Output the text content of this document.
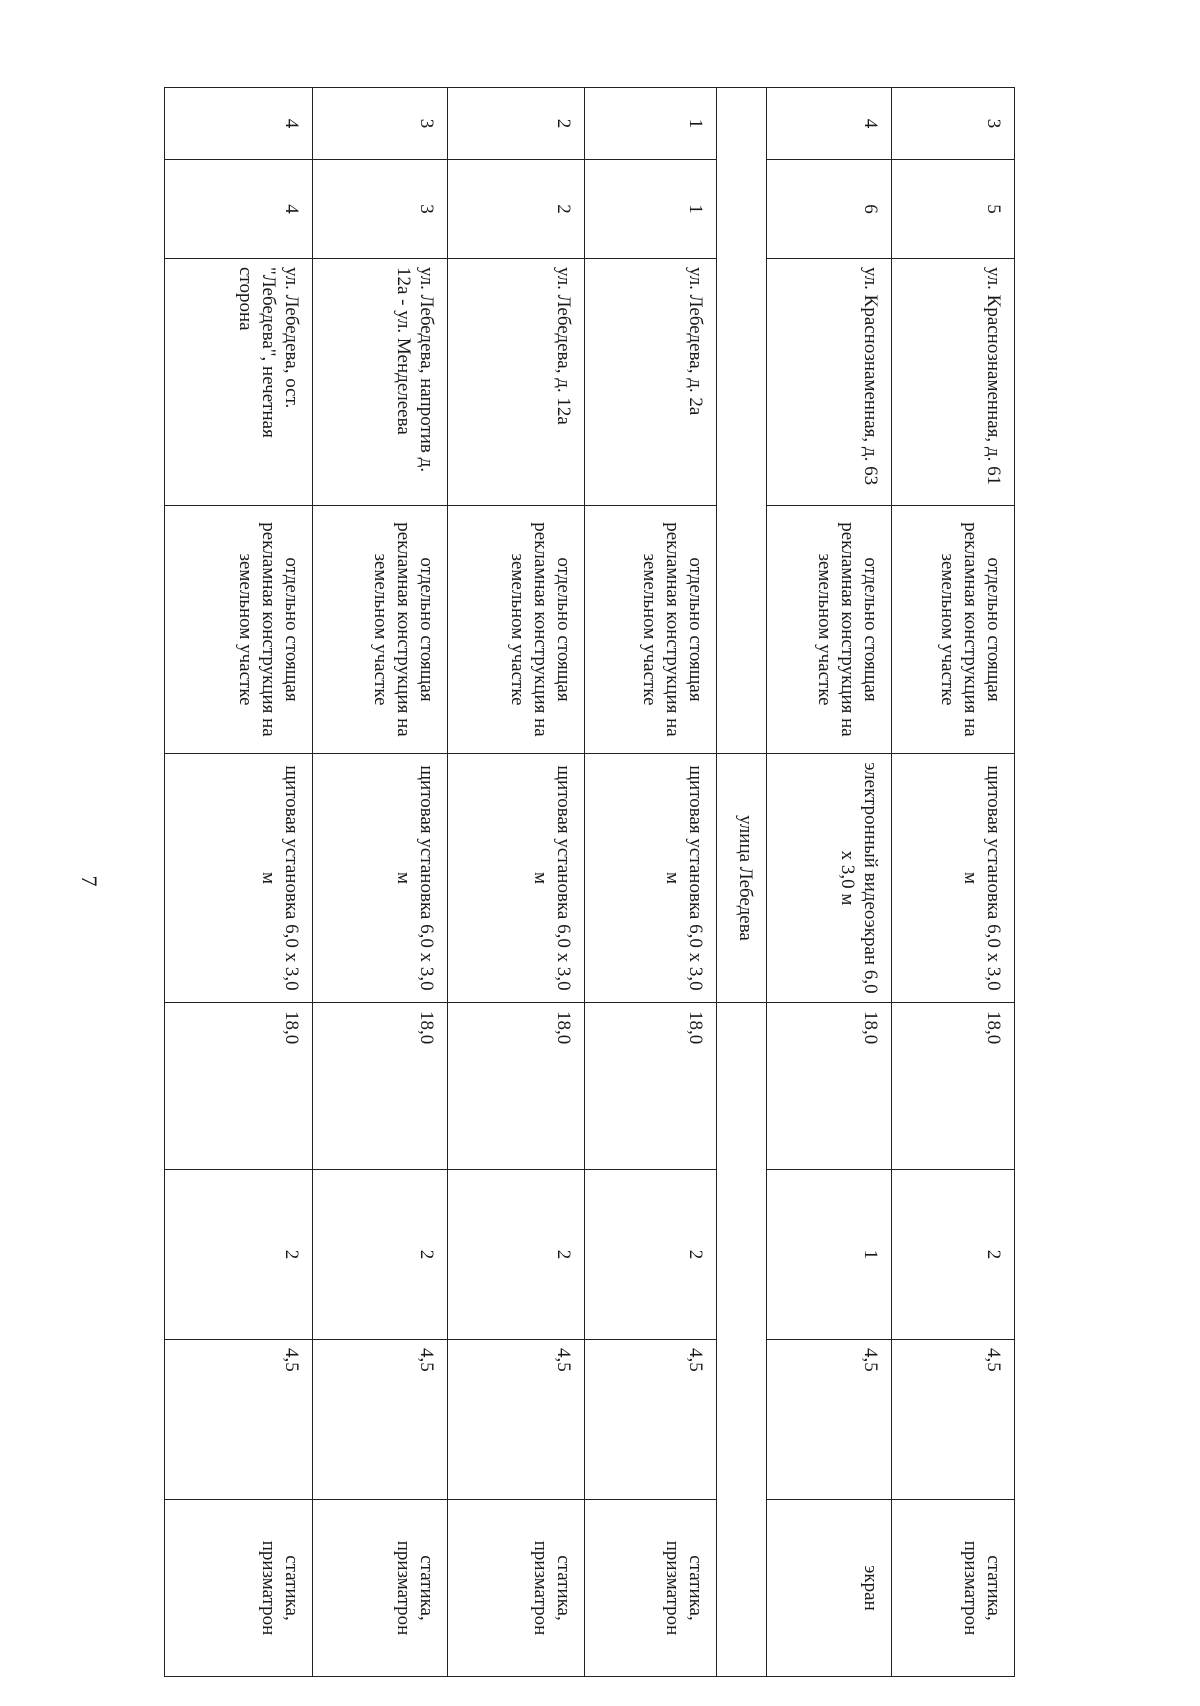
7
3	5	ул. Краснознаменная, д. 61	отдельно стоящая рекламная конструкция на земельном участке	щитовая установка 6,0 х 3,0 м	18,0	2	4,5	статика, призматрон
4	6	ул. Краснознаменная, д. 63	отдельно стоящая рекламная конструкция на земельном участке	электронный видеоэкран 6,0 х 3,0 м	18,0	1	4,5	экран
				улица Лебедева				
1	1	ул. Лебедева, д. 2а	отдельно стоящая рекламная конструкция на земельном участке	щитовая установка 6,0 х 3,0 м	18,0	2	4,5	статика, призматрон
2	2	ул. Лебедева, д. 12а	отдельно стоящая рекламная конструкция на земельном участке	щитовая установка 6,0 х 3,0 м	18,0	2	4,5	статика, призматрон
3	3	ул. Лебедева, напротив д. 12а - ул. Менделеева	отдельно стоящая рекламная конструкция на земельном участке	щитовая установка 6,0 х 3,0 м	18,0	2	4,5	статика, призматрон
4	4	ул. Лебедева, ост. "Лебедева", нечетная сторона	отдельно стоящая рекламная конструкция на земельном участке	щитовая установка 6,0 х 3,0 м	18,0	2	4,5	статика, призматрон
